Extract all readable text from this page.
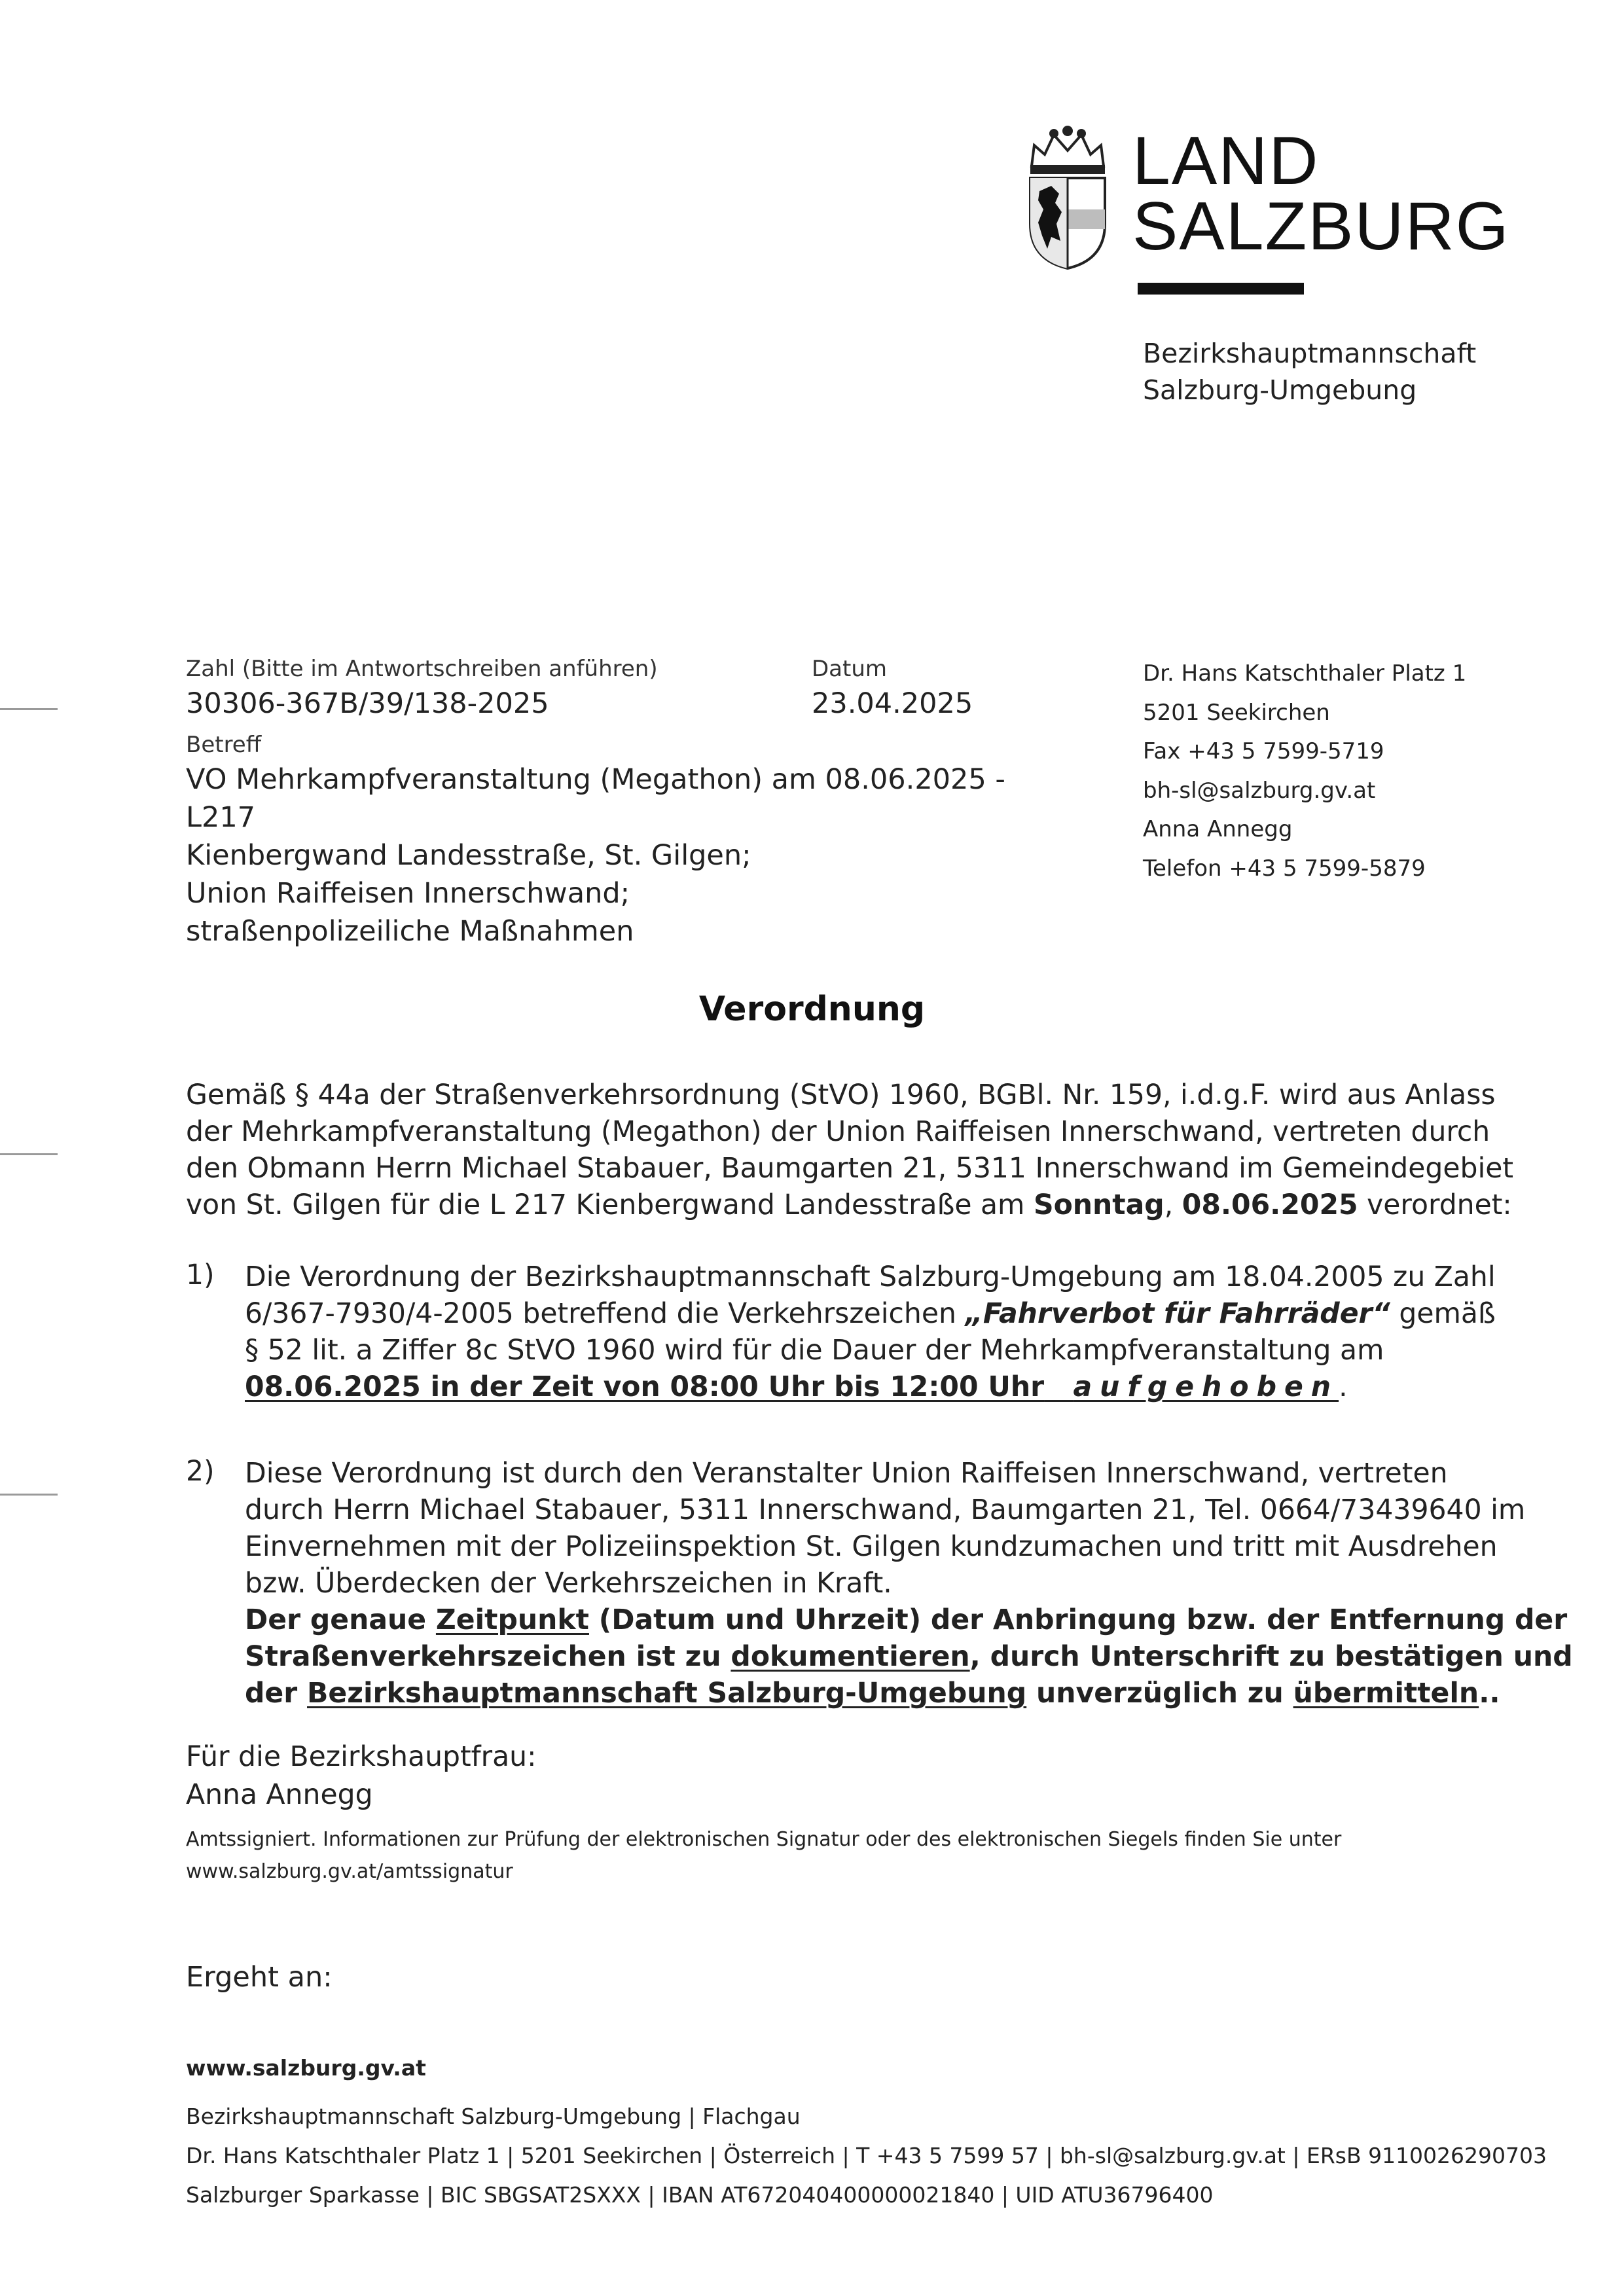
LAND
SALZBURG
Bezirkshauptmannschaft
Salzburg-Umgebung
Zahl (Bitte im Antwortschreiben anführen)
30306-367B/39/138-2025
Datum
23.04.2025
Betreff
VO Mehrkampfveranstaltung (Megathon) am 08.06.2025 - L217
Kienbergwand Landesstraße, St. Gilgen;
Union Raiffeisen Innerschwand;
straßenpolizeiliche Maßnahmen
Dr. Hans Katschthaler Platz 1
5201 Seekirchen
Fax +43 5 7599-5719
bh-sl@salzburg.gv.at
Anna Annegg
Telefon +43 5 7599-5879
Verordnung
Gemäß § 44a der Straßenverkehrsordnung (StVO) 1960, BGBl. Nr. 159, i.d.g.F. wird aus Anlass
der Mehrkampfveranstaltung (Megathon) der Union Raiffeisen Innerschwand, vertreten durch
den Obmann Herrn Michael Stabauer, Baumgarten 21, 5311 Innerschwand im Gemeindegebiet
von St. Gilgen für die L 217 Kienbergwand Landesstraße am Sonntag, 08.06.2025 verordnet:
1) Die Verordnung der Bezirkshauptmannschaft Salzburg-Umgebung am 18.04.2005 zu Zahl
6/367-7930/4-2005 betreffend die Verkehrszeichen „Fahrverbot für Fahrräder“ gemäß
§ 52 lit. a Ziffer 8c StVO 1960 wird für die Dauer der Mehrkampfveranstaltung am
08.06.2025 in der Zeit von 08:00 Uhr bis 12:00 Uhr aufgehoben.
2) Diese Verordnung ist durch den Veranstalter Union Raiffeisen Innerschwand, vertreten
durch Herrn Michael Stabauer, 5311 Innerschwand, Baumgarten 21, Tel. 0664/73439640 im
Einvernehmen mit der Polizeiinspektion St. Gilgen kundzumachen und tritt mit Ausdrehen
bzw. Überdecken der Verkehrszeichen in Kraft.
Der genaue Zeitpunkt (Datum und Uhrzeit) der Anbringung bzw. der Entfernung der
Straßenverkehrszeichen ist zu dokumentieren, durch Unterschrift zu bestätigen und
der Bezirkshauptmannschaft Salzburg-Umgebung unverzüglich zu übermitteln..
Für die Bezirkshauptfrau:
Anna Annegg
Amtssigniert. Informationen zur Prüfung der elektronischen Signatur oder des elektronischen Siegels finden Sie unter
www.salzburg.gv.at/amtssignatur
Ergeht an:
www.salzburg.gv.at
Bezirkshauptmannschaft Salzburg-Umgebung | Flachgau
Dr. Hans Katschthaler Platz 1 | 5201 Seekirchen | Österreich | T +43 5 7599 57 | bh-sl@salzburg.gv.at | ERsB 9110026290703
Salzburger Sparkasse | BIC SBGSAT2SXXX | IBAN AT672040400000021840 | UID ATU36796400
